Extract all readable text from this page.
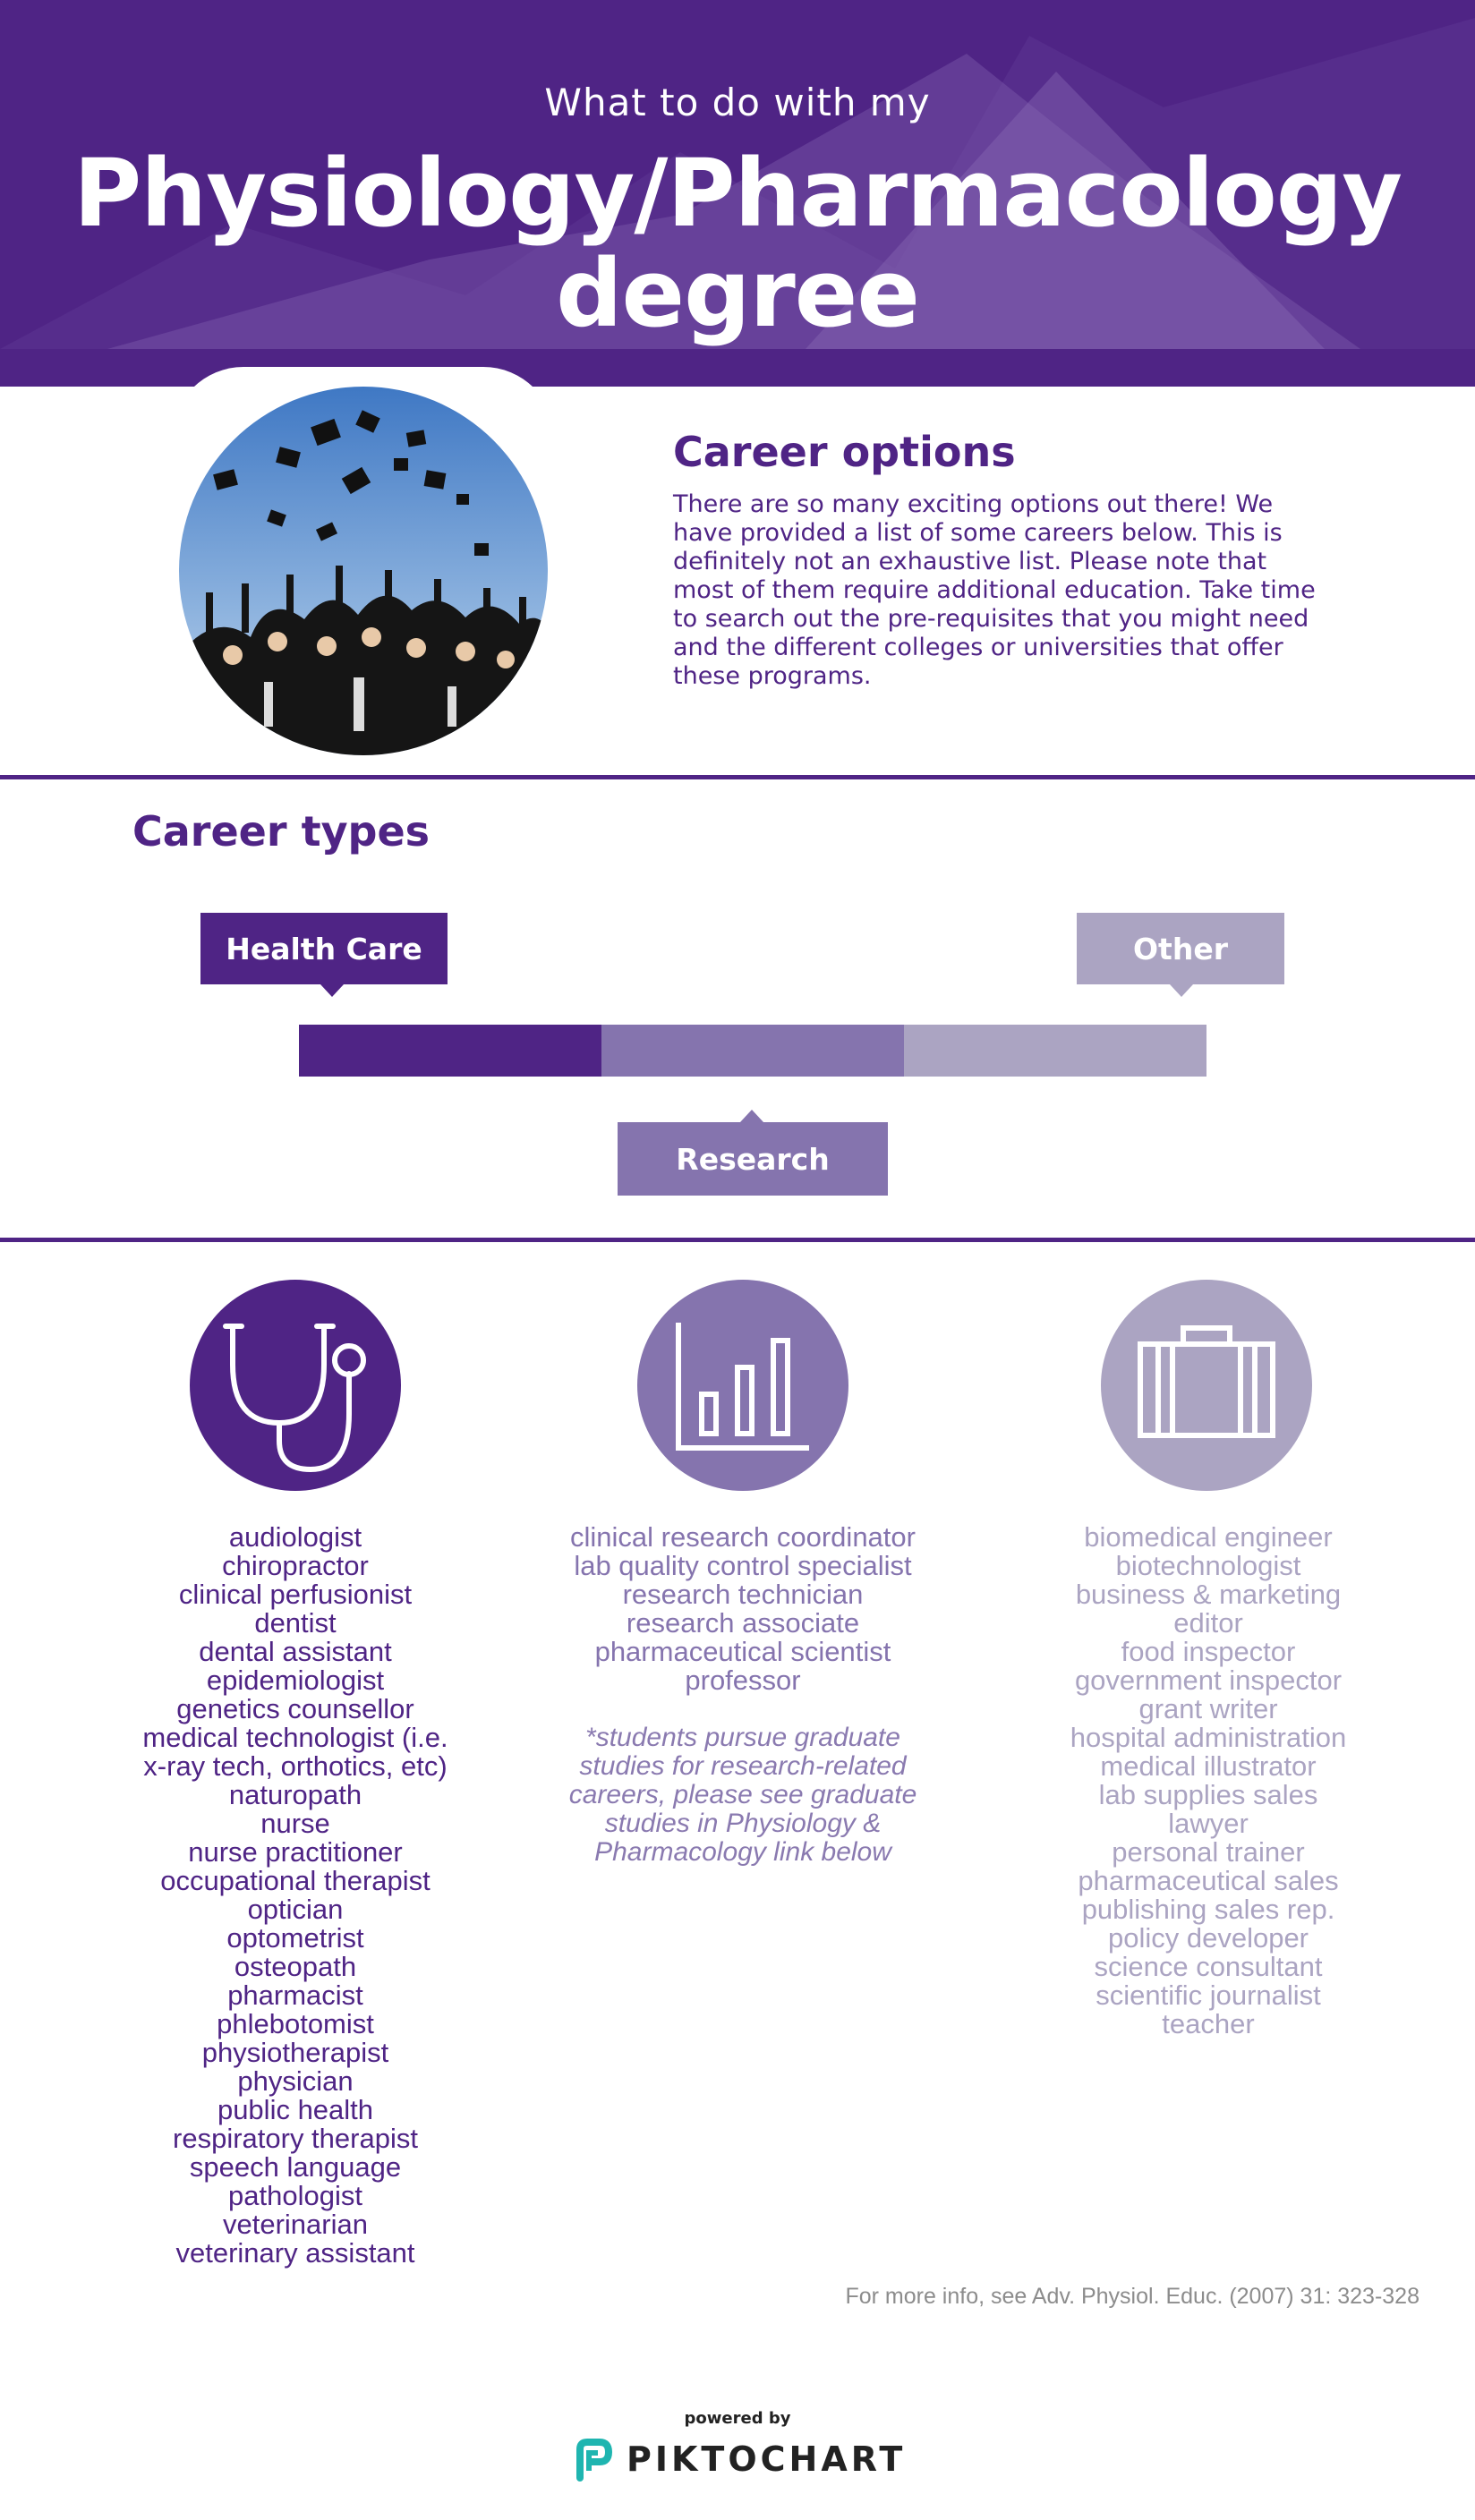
What to do with my
Physiology/Pharmacology
degree
Career options
There are so many exciting options out there! We have provided a list of some careers below. This is definitely not an exhaustive list. Please note that most of them require additional education. Take time to search out the pre-requisites that you might need and the different colleges or universities that offer these programs.
Career types
Health Care	Other
Research
audiologist
chiropractor
clinical perfusionist
dentist
dental assistant
epidemiologist
genetics counsellor
medical technologist (i.e.
x-ray tech, orthotics, etc)
naturopath
nurse
nurse practitioner
occupational therapist
optician
optometrist
osteopath
pharmacist
phlebotomist
physiotherapist
physician
public health
respiratory therapist
speech language
pathologist
veterinarian
veterinary assistant
clinical research coordinator
lab quality control specialist
research technician
research associate
pharmaceutical scientist
professor
*students pursue graduate
studies for research-related
careers, please see graduate
studies in Physiology &
Pharmacology link below
biomedical engineer
biotechnologist
business & marketing
editor
food inspector
government inspector
grant writer
hospital administration
medical illustrator
lab supplies sales
lawyer
personal trainer
pharmaceutical sales
publishing sales rep.
policy developer
science consultant
scientific journalist
teacher
For more info, see Adv. Physiol. Educ. (2007) 31: 323-328
powered by
PIKTOCHART
